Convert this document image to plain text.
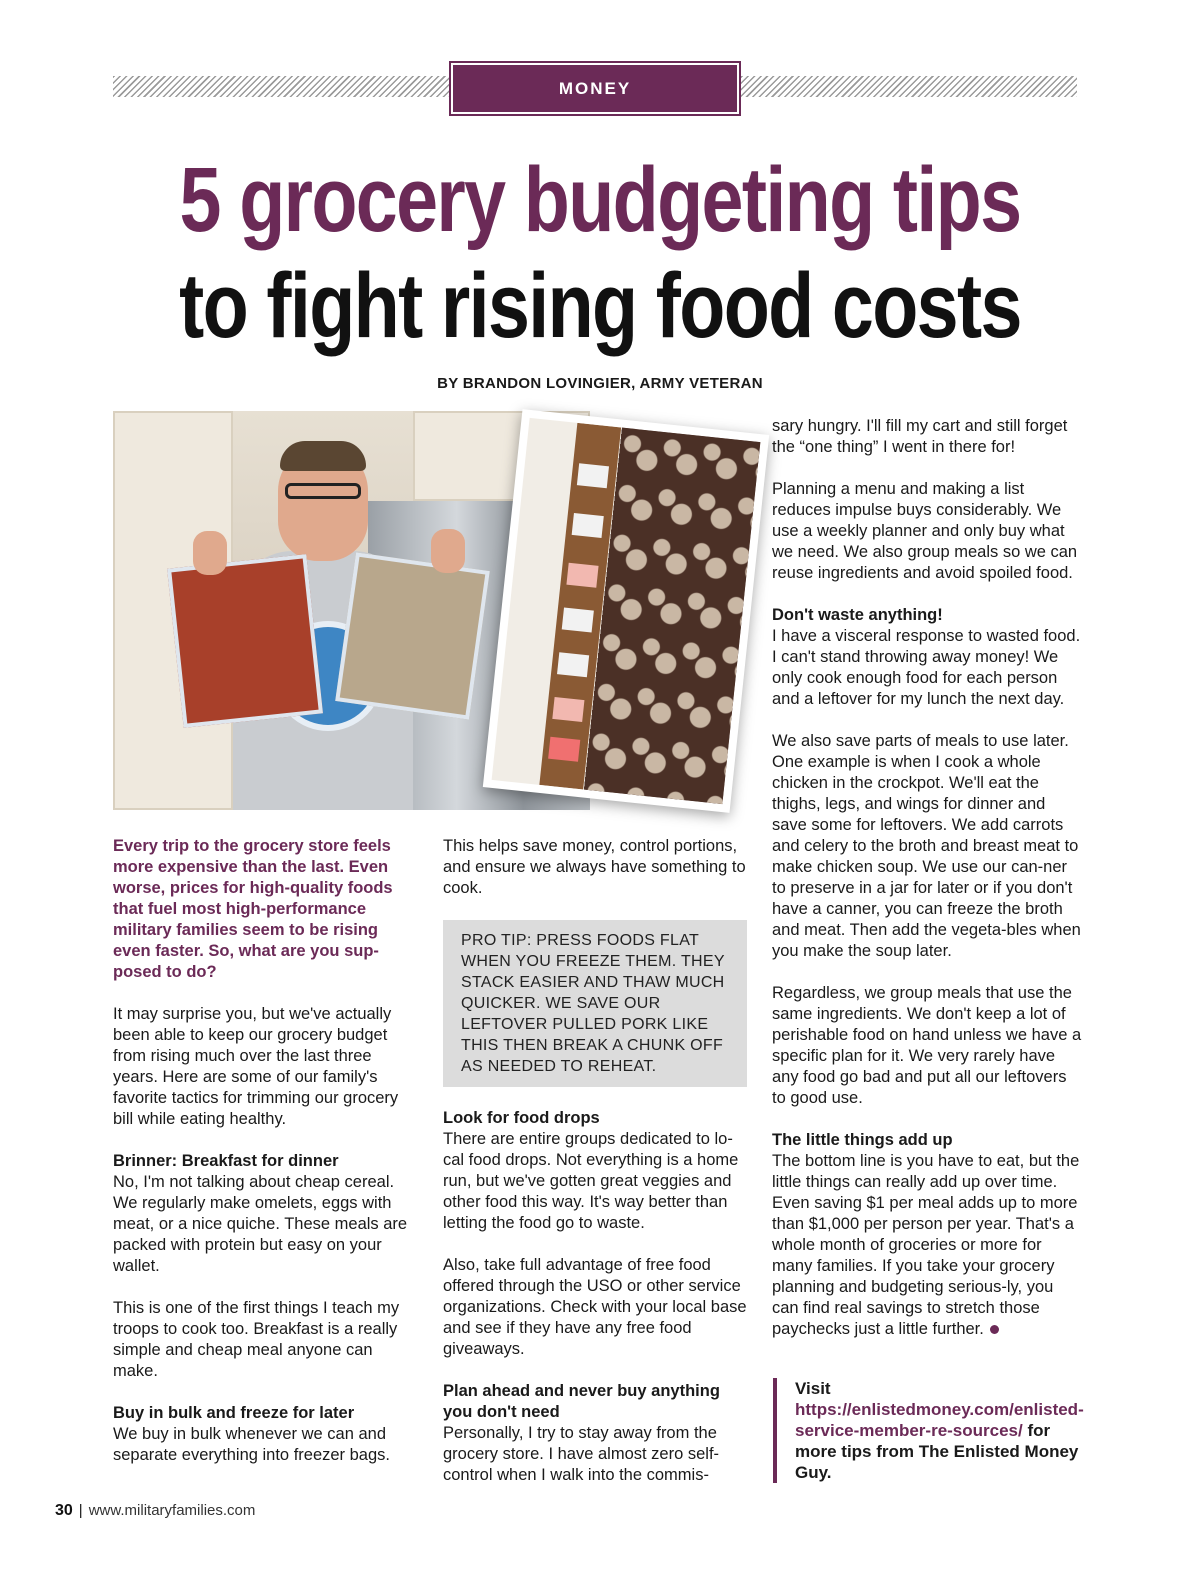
MONEY
5 grocery budgeting tips
to fight rising food costs
BY BRANDON LOVINGIER, ARMY VETERAN

Every trip to the grocery store feels more expensive than the last. Even worse, prices for high-quality foods that fuel most high-performance military families seem to be rising even faster. So, what are you sup-posed to do?

It may surprise you, but we've actually been able to keep our grocery budget from rising much over the last three years. Here are some of our family's favorite tactics for trimming our grocery bill while eating healthy.

Brinner: Breakfast for dinner

No, I'm not talking about cheap cereal. We regularly make omelets, eggs with meat, or a nice quiche. These meals are packed with protein but easy on your wallet.

This is one of the first things I teach my troops to cook too. Breakfast is a really simple and cheap meal anyone can make.

Buy in bulk and freeze for later

We buy in bulk whenever we can and separate everything into freezer bags.

This helps save money, control portions, and ensure we always have something to cook.

PRO TIP: PRESS FOODS FLAT WHEN YOU FREEZE THEM. THEY STACK EASIER AND THAW MUCH QUICKER. WE SAVE OUR LEFTOVER PULLED PORK LIKE THIS THEN BREAK A CHUNK OFF AS NEEDED TO REHEAT.
Look for food drops

There are entire groups dedicated to lo-cal food drops. Not everything is a home run, but we've gotten great veggies and other food this way. It's way better than letting the food go to waste.

Also, take full advantage of free food offered through the USO or other service organizations. Check with your local base and see if they have any free food giveaways.

Plan ahead and never buy anything you don't need

Personally, I try to stay away from the grocery store. I have almost zero self-control when I walk into the commis-

sary hungry. I'll fill my cart and still forget the “one thing” I went in there for!

Planning a menu and making a list reduces impulse buys considerably. We use a weekly planner and only buy what we need. We also group meals so we can reuse ingredients and avoid spoiled food.

Don't waste anything!

I have a visceral response to wasted food. I can't stand throwing away money! We only cook enough food for each person and a leftover for my lunch the next day.

We also save parts of meals to use later. One example is when I cook a whole chicken in the crockpot. We'll eat the thighs, legs, and wings for dinner and save some for leftovers. We add carrots and celery to the broth and breast meat to make chicken soup. We use our can-ner to preserve in a jar for later or if you don't have a canner, you can freeze the broth and meat. Then add the vegeta-bles when you make the soup later.

Regardless, we group meals that use the same ingredients. We don't keep a lot of perishable food on hand unless we have a specific plan for it. We very rarely have any food go bad and put all our leftovers to good use.

The little things add up

The bottom line is you have to eat, but the little things can really add up over time. Even saving $1 per meal adds up to more than $1,000 per person per year. That's a whole month of groceries or more for many families. If you take your grocery planning and budgeting serious-ly, you can find real savings to stretch those paychecks just a little further.

Visit https://enlistedmoney.com/enlisted-service-member-re-sources/ for more tips from The Enlisted Money Guy.
30 | www.militaryfamilies.com
